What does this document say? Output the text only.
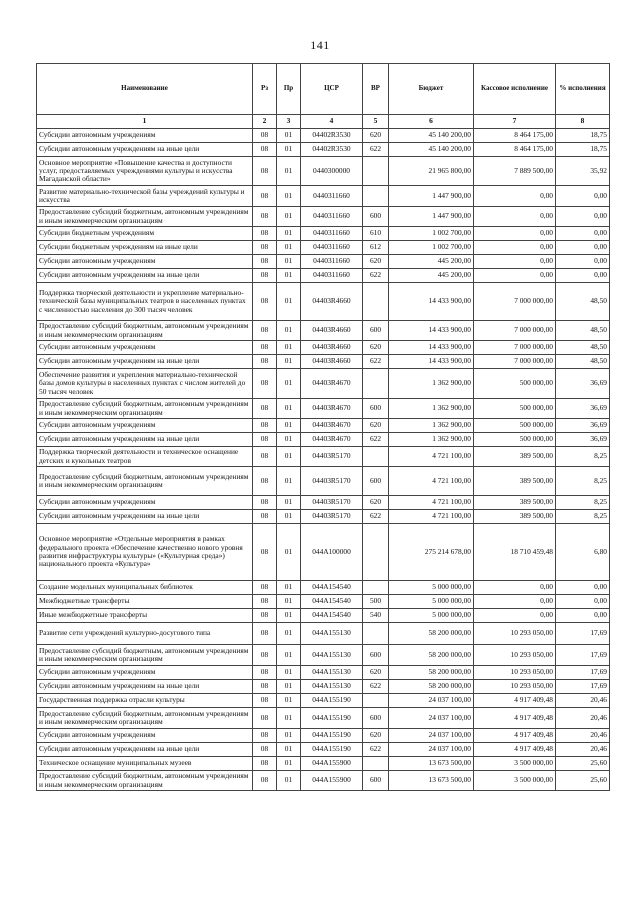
141
Наименование	Рз	Пр	ЦСР	ВР	Бюджет	Кассовое исполнение	% исполнения
1	2	3	4	5	6	7	8
Субсидии автономным учреждениям	08	01	04402R3530	620	45 140 200,00	8 464 175,00	18,75
Субсидии автономным учреждениям на иные цели	08	01	04402R3530	622	45 140 200,00	8 464 175,00	18,75
Основное мероприятие «Повышение качества и доступности услуг, предоставляемых учреждениями культуры и искусства Магаданской области»	08	01	0440300000		21 965 800,00	7 889 500,00	35,92
Развитие материально-технической базы учреждений культуры и искусства	08	01	0440311660		1 447 900,00	0,00	0,00
Предоставление субсидий бюджетным, автономным учреждениям и иным некоммерческим организациям	08	01	0440311660	600	1 447 900,00	0,00	0,00
Субсидии бюджетным учреждениям	08	01	0440311660	610	1 002 700,00	0,00	0,00
Субсидии бюджетным учреждениям на иные цели	08	01	0440311660	612	1 002 700,00	0,00	0,00
Субсидии автономным учреждениям	08	01	0440311660	620	445 200,00	0,00	0,00
Субсидии автономным учреждениям на иные цели	08	01	0440311660	622	445 200,00	0,00	0,00
Поддержка творческой деятельности и укрепление материально-технической базы муниципальных театров в населенных пунктах с численностью населения до 300 тысяч человек	08	01	04403R4660		14 433 900,00	7 000 000,00	48,50
Предоставление субсидий бюджетным, автономным учреждениям и иным некоммерческим организациям	08	01	04403R4660	600	14 433 900,00	7 000 000,00	48,50
Субсидии автономным учреждениям	08	01	04403R4660	620	14 433 900,00	7 000 000,00	48,50
Субсидии автономным учреждениям на иные цели	08	01	04403R4660	622	14 433 900,00	7 000 000,00	48,50
Обеспечение развития и укрепления материально-технической базы домов культуры в населенных пунктах с числом жителей до 50 тысяч человек	08	01	04403R4670		1 362 900,00	500 000,00	36,69
Предоставление субсидий бюджетным, автономным учреждениям и иным некоммерческим организациям	08	01	04403R4670	600	1 362 900,00	500 000,00	36,69
Субсидии автономным учреждениям	08	01	04403R4670	620	1 362 900,00	500 000,00	36,69
Субсидии автономным учреждениям на иные цели	08	01	04403R4670	622	1 362 900,00	500 000,00	36,69
Поддержка творческой деятельности и техническое оснащение детских и кукольных театров	08	01	04403R5170		4 721 100,00	389 500,00	8,25
Предоставление субсидий бюджетным, автономным учреждениям и иным некоммерческим организациям	08	01	04403R5170	600	4 721 100,00	389 500,00	8,25
Субсидии автономным учреждениям	08	01	04403R5170	620	4 721 100,00	389 500,00	8,25
Субсидии автономным учреждениям на иные цели	08	01	04403R5170	622	4 721 100,00	389 500,00	8,25
Основное мероприятие «Отдельные мероприятия в рамках федерального проекта «Обеспечение качественно нового уровня развития инфраструктуры культуры» («Культурная среда») национального проекта «Культура»	08	01	044A100000		275 214 678,00	18 710 459,48	6,80
Создание модельных муниципальных библиотек	08	01	044A154540		5 000 000,00	0,00	0,00
Межбюджетные трансферты	08	01	044A154540	500	5 000 000,00	0,00	0,00
Иные межбюджетные трансферты	08	01	044A154540	540	5 000 000,00	0,00	0,00
Развитие сети учреждений культурно-досугового типа	08	01	044A155130		58 200 000,00	10 293 050,00	17,69
Предоставление субсидий бюджетным, автономным учреждениям и иным некоммерческим организациям	08	01	044A155130	600	58 200 000,00	10 293 050,00	17,69
Субсидии автономным учреждениям	08	01	044A155130	620	58 200 000,00	10 293 050,00	17,69
Субсидии автономным учреждениям на иные цели	08	01	044A155130	622	58 200 000,00	10 293 050,00	17,69
Государственная поддержка отрасли культуры	08	01	044A155190		24 037 100,00	4 917 409,48	20,46
Предоставление субсидий бюджетным, автономным учреждениям и иным некоммерческим организациям	08	01	044A155190	600	24 037 100,00	4 917 409,48	20,46
Субсидии автономным учреждениям	08	01	044A155190	620	24 037 100,00	4 917 409,48	20,46
Субсидии автономным учреждениям на иные цели	08	01	044A155190	622	24 037 100,00	4 917 409,48	20,46
Техническое оснащение муниципальных музеев	08	01	044A155900		13 673 500,00	3 500 000,00	25,60
Предоставление субсидий бюджетным, автономным учреждениям и иным некоммерческим организациям	08	01	044A155900	600	13 673 500,00	3 500 000,00	25,60
